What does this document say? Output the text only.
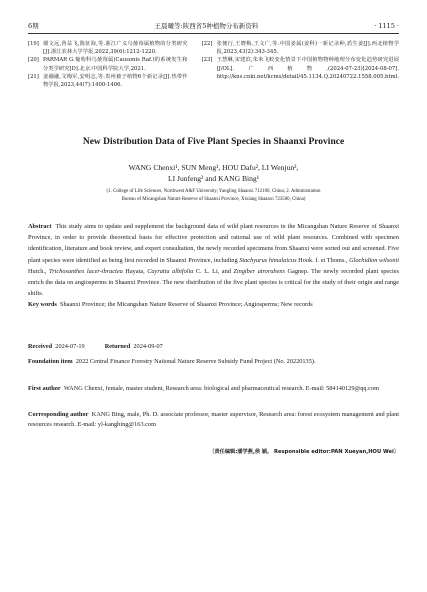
6期	王晨曦等:陕西省5种植物分布新资料	· 1115 ·
[19] 谢文远,鲁益飞,陈征海,等.浙江广义乌蔹莓属植物的分类研究[J].浙江农林大学学报,2022,39(6):1212-1220.
[20] PARMAR G.葡萄科乌蔹莓属(Causonis Raf.)的系统发生和分类学研究[D].北京:中国科学院大学,2021.
[21] 姜融融,文梅军,安明志,等.贵州被子植物6个新记录[J].热带作物学报,2023,44(7):1400-1406.
[22] 张便行,王晓梅,王文广,等.中国姜属(姜科)一新记录种,盾生姜[J].西北植物学报,2023,43(2):343-345.
[23] 王慧琳,宋建滨,朱米飞蛟变化情景下中国植物物种地理分布变化趋势研究进展[J/OL].广西植物,(2024-07-23)[2024-08-07]. http://kns.cnki.net/kcms/detail/45.1134.Q.20240722.1558.005.html.
New Distribution Data of Five Plant Species in Shaanxi Province
WANG Chenxi¹, SUN Meng¹, HOU Dafu², LI Wenjun²,
LI Junfeng² and KANG Bing¹
(1. College of Life Sciences, Northwest A&F University, Yangling Shaanxi 712100, China; 2. Administration
Bureau of Micangshan Nature Reserve of Shaanxi Province, Xixiang Shaanxi 723500, China)
Abstract This study aims to update and supplement the background data of wild plant resources in the Micangshan Nature Reserve of Shaanxi Province, in order to provide theoretical basis for effective protection and rational use of wild plant resources. Combined with specimen identification, literature and book review, and expert consultation, the newly recorded specimens from Shaanxi were sorted out and screened. Five plant species were identified as being first recorded in Shaanxi Province, including Stachyurus himalaicus Hook. f. et Thoms., Glochidion wilsonii Hutch., Trichosanthes lacer-ibractea Hayata, Cayratia albifolia C. L. Li, and Zingiber atrorubens Gagnep. The newly recorded plant species enrich the data on angiosperms in Shaanxi Province. The new distribution of the five plant species is critical for the study of their origin and range shifts.
Key words Shaanxi Province; the Micangshan Nature Reserve of Shaanxi Province; Angiosperms; New records
Received 2024-07-19	Returned 2024-09-07
Foundation item 2022 Central Finance Forestry National Nature Reserve Subsidy Fund Project (No. 20220135).
First author WANG Chenxi, female, master student, Research area: biological and pharmaceutical research. E-mail: 584140129@qq.com
Corresponding author KANG Bing, male, Ph. D. associate professor, master supervisor, Research area: forest ecosystem management and plant resources research. E-mail: yl-kangbing@163.com
〔责任编辑:潘学燕,侯 颖。 Responsible editor:PAN Xueyan,HOU Wei〕
